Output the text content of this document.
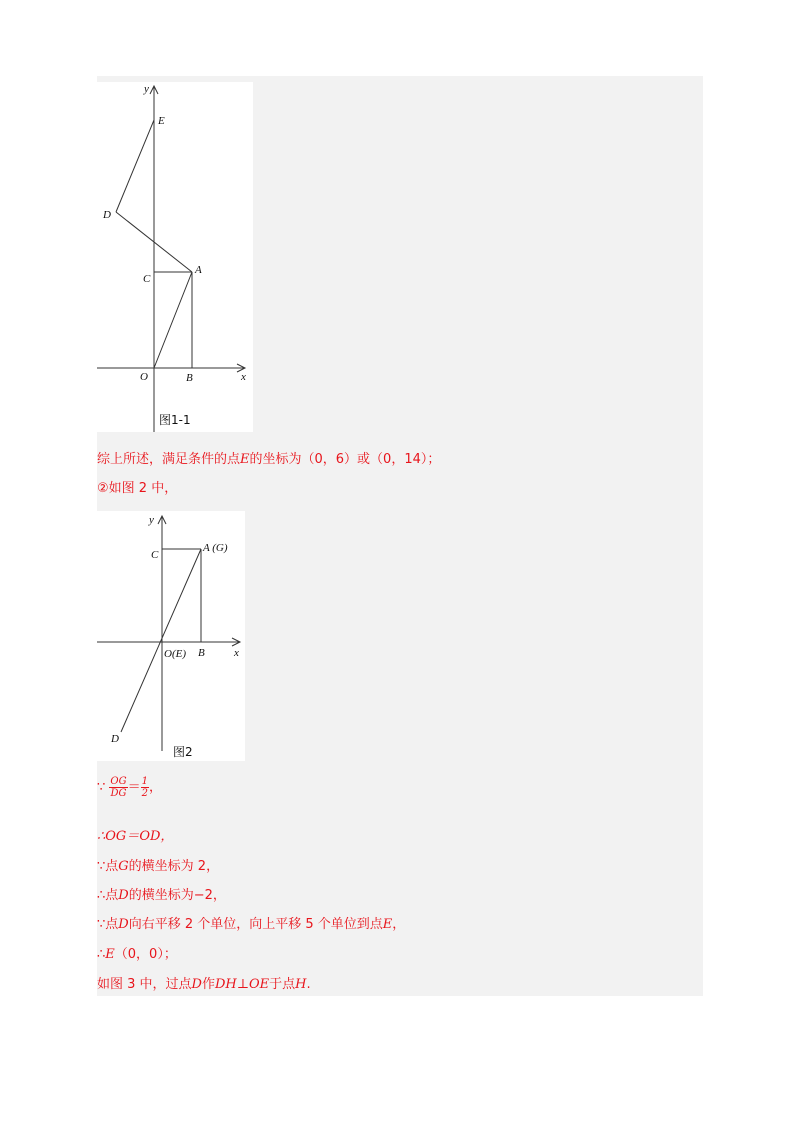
y
x
E
D
C
A
O	B
图1-1
综上所述，满足条件的点E的坐标为（0，6）或（0，14）；
②如图 2 中，
y
x
C
A (G)
O(E) B
D
图2
∵ $\frac{OG}{DG} = \frac{1}{2}$ ，
∴OG＝OD，
∵点G的横坐标为 2，
∴点D的横坐标为−2，
∵点D向右平移 2 个单位，向上平移 5 个单位到点E，
∴E（0，0）；
如图 3 中，过点D作DH⊥OE于点H.
